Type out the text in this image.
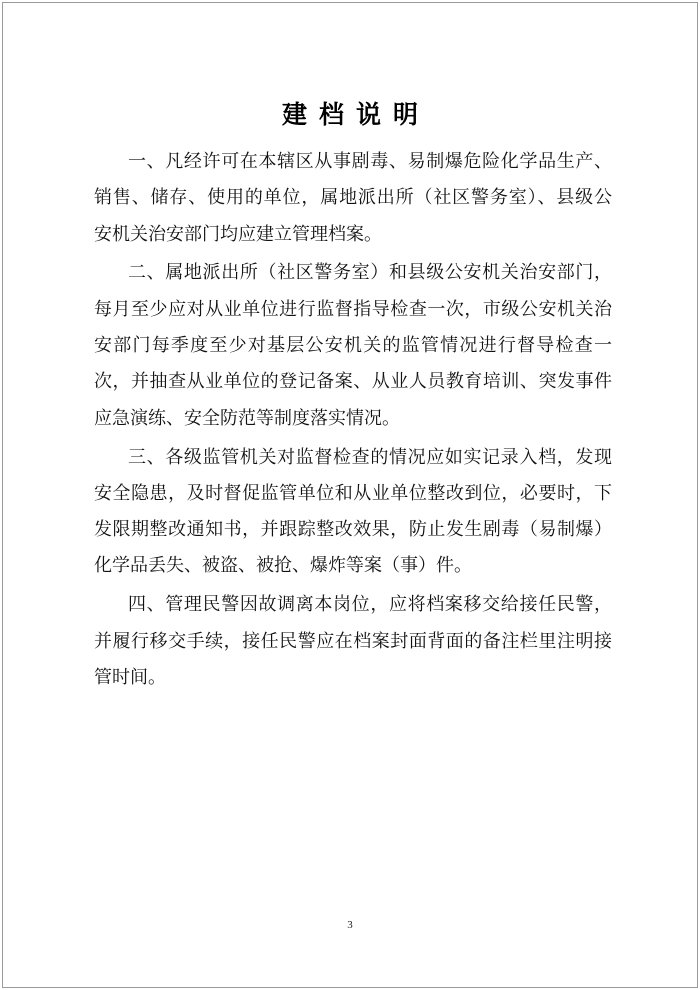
建档说明
一、凡经许可在本辖区从事剧毒、易制爆危险化学品生产、
销售、储存、使用的单位，属地派出所（社区警务室）、县级公
安机关治安部门均应建立管理档案。
二、属地派出所（社区警务室）和县级公安机关治安部门，
每月至少应对从业单位进行监督指导检查一次，市级公安机关治
安部门每季度至少对基层公安机关的监管情况进行督导检查一
次，并抽查从业单位的登记备案、从业人员教育培训、突发事件
应急演练、安全防范等制度落实情况。
三、各级监管机关对监督检查的情况应如实记录入档，发现
安全隐患，及时督促监管单位和从业单位整改到位，必要时，下
发限期整改通知书，并跟踪整改效果，防止发生剧毒（易制爆）
化学品丢失、被盗、被抢、爆炸等案（事）件。
四、管理民警因故调离本岗位，应将档案移交给接任民警，
并履行移交手续，接任民警应在档案封面背面的备注栏里注明接
管时间。
3
